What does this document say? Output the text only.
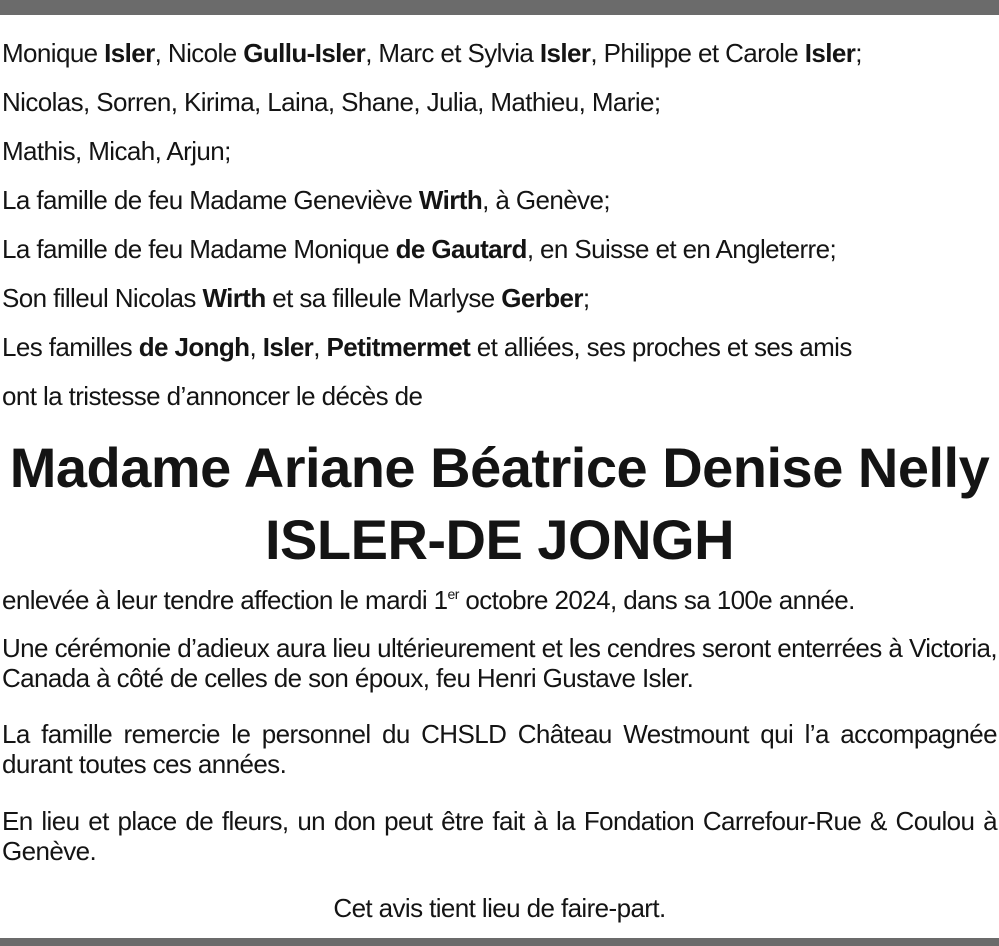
Monique Isler, Nicole Gullu-Isler, Marc et Sylvia Isler, Philippe et Carole Isler;
Nicolas, Sorren, Kirima, Laina, Shane, Julia, Mathieu, Marie;
Mathis, Micah, Arjun;
La famille de feu Madame Geneviève Wirth, à Genève;
La famille de feu Madame Monique de Gautard, en Suisse et en Angleterre;
Son filleul Nicolas Wirth et sa filleule Marlyse Gerber;
Les familles de Jongh, Isler, Petitmermet et alliées, ses proches et ses amis
ont la tristesse d’annoncer le décès de
Madame Ariane Béatrice Denise Nelly
ISLER-DE JONGH
enlevée à leur tendre affection le mardi 1er octobre 2024, dans sa 100e année.
Une cérémonie d’adieux aura lieu ultérieurement et les cendres seront enterrées à Victoria, Canada à côté de celles de son époux, feu Henri Gustave Isler.
La famille remercie le personnel du CHSLD Château Westmount qui l’a accompagnée durant toutes ces années.
En lieu et place de fleurs, un don peut être fait à la Fondation Carrefour-Rue & Coulou à Genève.
Cet avis tient lieu de faire-part.
